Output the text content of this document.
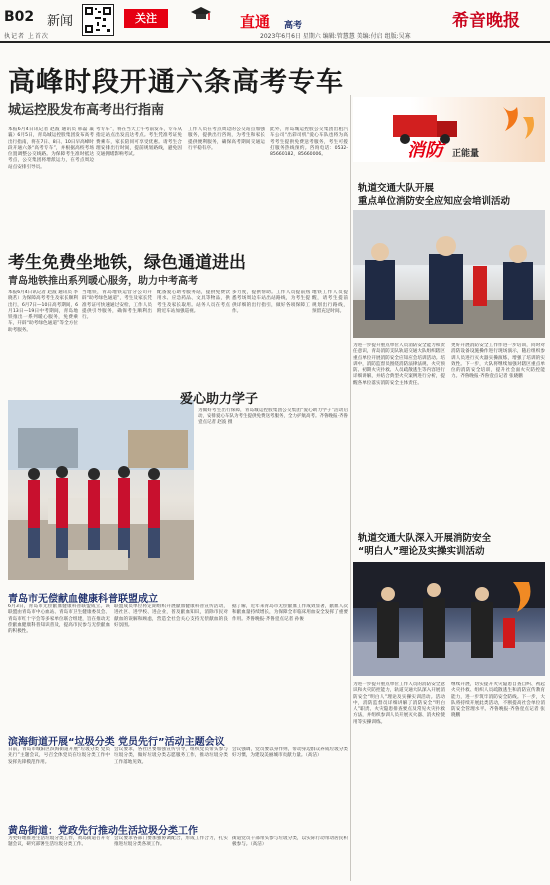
B02 新闻
执记者 上首次
关注	直通 高考	希音晚报
2023年6月6日 星期六 编辑:管慧慧 美编:付启 组版:吴寡
高峰时段开通六条高考专车
城运控股发布高考出行指南
本报6月4日讯记者 赵波 通讯员 邢磊 戚襄）6月5日，青岛城运控股集团发布高考出行指南，将在7日、8日、10日早高峰时段开通六条“高考专车”，并根据高校考场位置调整公交线路。为保障考生准时抵达考点，公交集团将增派运力，在考点周边站点安排引导员。
考专车”，将在当天上午考前发车，专车从指定站点出发直达考点。考生凭准考证免费乘车，家长陪同可享受优惠。请考生合理安排出行时间，提前规划路线，避免因交通拥堵影响考试。
工作人员在考点周边的公交站点加强服务，提供出行咨询，为考生和家长提供便利服务，确保高考期间交通运行平稳有序。
此外，青岛城运控股公交集团出租汽车公司“出彩司机”爱心车队也将为高考考生提供免费送考服务，考生可拨打服务热线预约。咨询电话：0532-85660182，85660006。
考生免费坐地铁，绿色通道进出
青岛地铁推出系列暖心服务，助力中考高考
本报6月4日讯记者 赵波 通讯员 李晓茗）为保障高考考生及家长顺利出行，6月7日—10日高考期间，6月13日—19日中考期间，青岛地铁推出一系列暖心服务，免费乘车，开辟“助考绿色通道”等全方位助考服务。
当地铁，青岛地铁运营分公司开辟“助考绿色通道”，考生及家长凭准考证可快速通过安检，工作人员提供引导服务，确保考生顺利出行。
配备爱心助考服务站，提供免费饮用水、应急药品、文具等物品，供考生及家长取用。站务人员在考点附近车站加强巡视。
多力度，提供帮助。工作人员提前熟悉考场周边车站出站路线，为考生提供详细的出行指引，做好各项保障工作。
地铁工作人员提醒，请考生提前规划出行路线，预留充足时间。
爱心助力学子
为做好考生出行保障，青岛城运控股集团公交集团“爱心助力学子”活动启动，安排爱心车队为考生提供免费送考服务，全力护航高考。齐鲁晚报·齐鲁壹点记者 赵波 摄
青岛市无偿献血健康科普联盟成立
6月3日，青岛市无偿献血健康科普联盟成立。该联盟由青岛市中心血站、青岛市卫生健康委员会、青岛市红十字会等多家单位联合组建，旨在推动无偿献血健康科普知识普及，提高市民参与无偿献血的积极性。
联盟成员单位将定期组织开展献血健康科普宣传活动，进社区、进学校、进企业，普及献血知识，消除市民对献血的误解和顾虑，营造全社会关心支持无偿献血的良好氛围。
据了解，近年来青岛市无偿献血工作成效显著，献血人次和献血量持续增长，为保障全市临床用血安全发挥了重要作用。齐鲁晚报·齐鲁壹点记者 孙俊
滨海街道开展“垃圾分类 党员先行”活动主题会议
日前，青岛市城阳区滨海街道开展“垃圾分类 党员先行”主题会议，号召全体党员在垃圾分类工作中发挥先锋模范作用。
会议要求，各社区要加强宣传引导，组织党员带头参与垃圾分类，做好垃圾分类志愿服务工作，推动垃圾分类工作落地见效。
会议强调，党员要以身作则，带动身边群众养成垃圾分类好习惯，为建设美丽城市贡献力量。（高洁）
黄岛街道：党政先行推动生活垃圾分类工作
为更好地推进生活垃圾分类工作，黄岛街道召开专题会议，研究部署生活垃圾分类工作。
会议要求各部门要加强协调配合，形成工作合力，扎实推进垃圾分类各项工作。
街道党员干部带头参与垃圾分类，以实际行动带动居民积极参与。（高洁）
消防 正能量
轨道交通大队开展
重点单位消防安全应知应会培训活动
为进一步提升重点单位人员消防安全能力和责任意识，青岛消防支队轨道交通大队组织辖区重点单位开展消防安全应知应会培训活动。培训中，消防监督员围绕消防法律法规、火灾预防、初期火灾扑救、人员疏散逃生等内容进行详细讲解，并结合典型火灾案例进行分析，提醒各单位落实消防安全主体责任。
更好开展消防安全工作作进一步培训，同时对消防设备设施操作进行现场演示，随后组织参训人员进行灭火器实操演练，增强了培训的实效性。下一步，大队将继续加强对辖区重点单位的消防安全培训，提升社会面火灾防控能力。齐鲁晚报·齐鲁壹点记者 张晓鹏
轨道交通大队深入开展消防安全
“明白人”理论及实操实训活动
为进一步提升重点单位工作人员的消防安全意识和火灾防控能力，轨道交通大队深入开展消防安全“明白人”理论及实操实训活动。活动中，消防监督员详细讲解了消防安全“明白人”职责、火灾隐患排查要点及常见火灾扑救方法，并组织参训人员开展灭火器、消火栓使用等实操训练。
继续开展，切实提升火灾隐患自查自纠、初起火灾扑救、组织人员疏散逃生和消防宣传教育能力，进一步筑牢消防安全防线。下一步，大队将持续开展此类活动，不断提高社会单位消防安全管理水平。齐鲁晚报·齐鲁壹点记者 张晓鹏
